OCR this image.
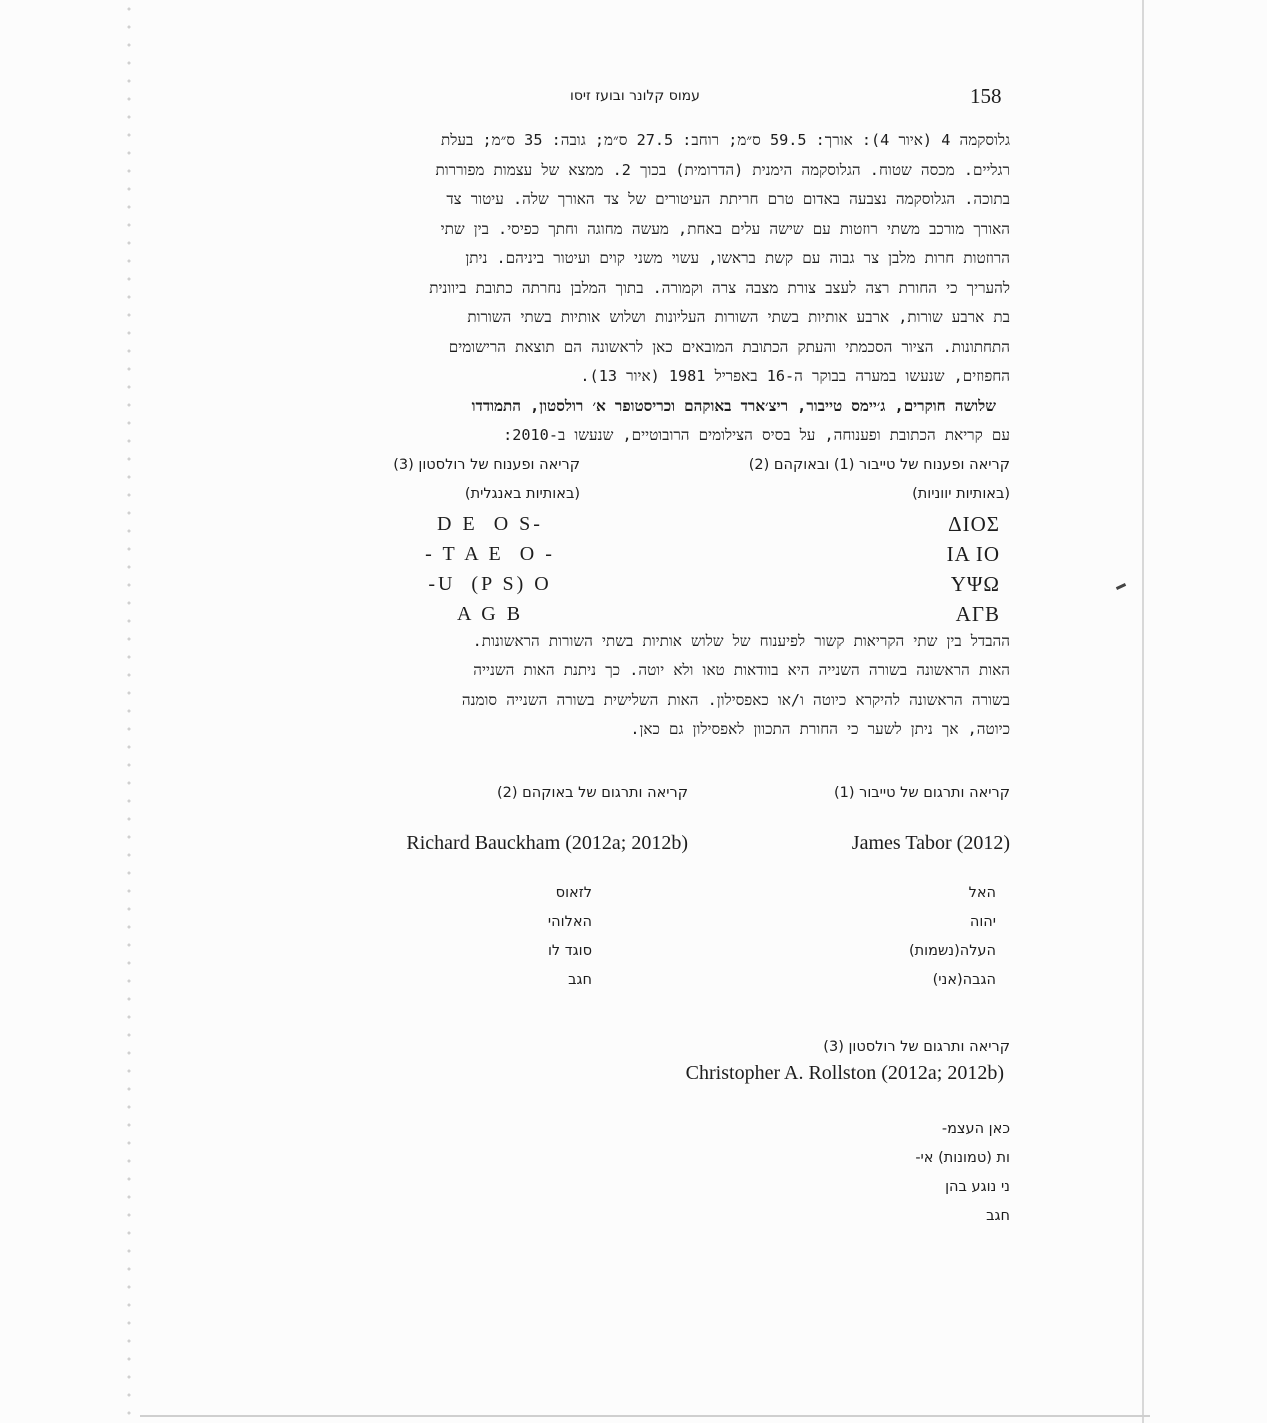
158
עמוס קלונר ובועז זיסו
גלוסקמה 4 (איור 4): אורך: 59.5 ס״מ; רוחב: 27.5 ס״מ; גובה: 35 ס״מ; בעלת
רגליים. מכסה שטוח. הגלוסקמה הימנית (הדרומית) בכוך 2. ממצא של עצמות מפוררות
בתוכה. הגלוסקמה נצבעה באדום טרם חריתת העיטורים של צד האורך שלה. עיטור צד
האורך מורכב משתי רוזטות עם שישה עלים באחת, מעשה מחוגה וחתך כפיסי. בין שתי
הרוזטות חרות מלבן צר גבוה עם קשת בראשו, עשוי משני קוים ועיטור ביניהם. ניתן
להעריך כי החורת רצה לעצב צורת מצבה צרה וקמורה. בתוך המלבן נחרתה כתובת ביוונית
בת ארבע שורות, ארבע אותיות בשתי השורות העליונות ושלוש אותיות בשתי השורות
התחתונות. הציור הסכמתי והעתק הכתובת המובאים כאן לראשונה הם תוצאת הרישומים
החפוזים, שנעשו במערה בבוקר ה-16 באפריל 1981 (איור 13).
שלושה חוקרים, ג׳יימס טייבור, ריצ׳ארד באוקהם וכריסטופר א׳ רולסטון, התמודדו
עם קריאת הכתובת ופענוחה, על בסיס הצילומים הרובוטיים, שנעשו ב-2010:
קריאה ופענוח של טייבור (1) ובאוקהם (2)
(באותיות יווניות)
ΔΙΟΣ
ΙΑ ΙΟ
ΥΨΩ
ΑΓΒ
קריאה ופענוח של רולסטון (3)
(באותיות באנגלית)
D E  O S-
- T A E  O -
-U  (P S) O
A G B
ההבדל בין שתי הקריאות קשור לפיענוח של שלוש אותיות בשתי השורות הראשונות.
האות הראשונה בשורה השנייה היא בוודאות טאו ולא יוטה. כך ניתנת האות השנייה
בשורה הראשונה להיקרא כיוטה ו/או כאפסילון. האות השלישית בשורה השנייה סומנה
כיוטה, אך ניתן לשער כי החורת התכוון לאפסילון גם כאן.
קריאה ותרגום של טייבור (1)
James Tabor (2012)
האל
יהוה
העלה(נשמות)
הגבה(אני)
קריאה ותרגום של באוקהם (2)
Richard Bauckham (2012a; 2012b)
לזאוס
האלוהי
סוגד לו
חגב
קריאה ותרגום של רולסטון (3)
Christopher A. Rollston (2012a; 2012b)
כאן העצמ-
ות (טמונות) אי-
ני נוגע בהן
חגב
